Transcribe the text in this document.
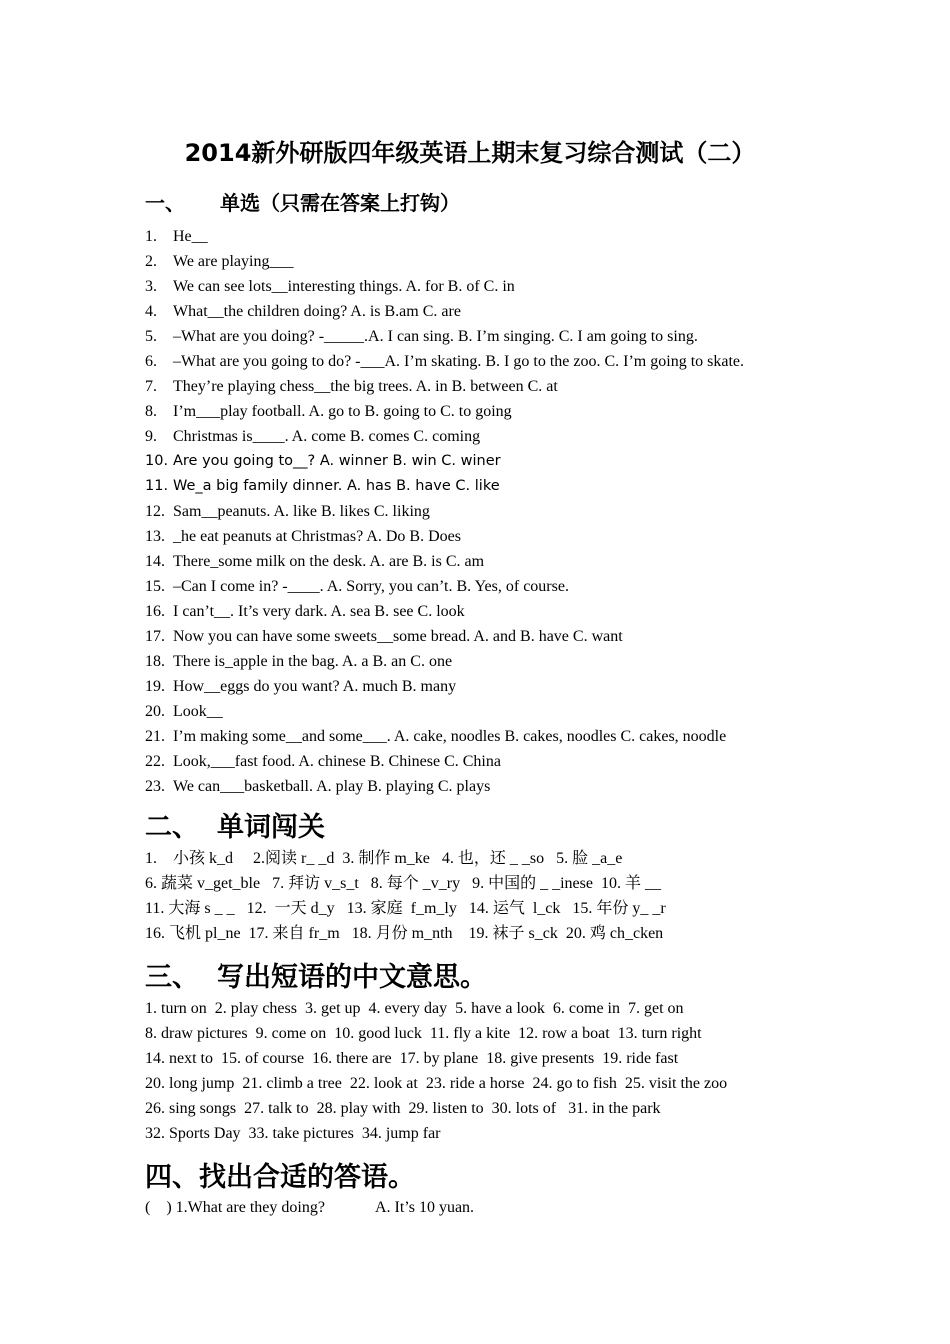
2014新外研版四年级英语上期末复习综合测试（二）
一、 单选（只需在答案上打钩）
1. He__
2. We are playing___
3. We can see lots__interesting things. A. for B. of C. in
4. What__the children doing? A. is B.am C. are
5. –What are you doing? -_____.A. I can sing. B. I’m singing. C. I am going to sing.
6. –What are you going to do? -___A. I’m skating. B. I go to the zoo. C. I’m going to skate.
7. They’re playing chess__the big trees. A. in B. between C. at
8. I’m___play football. A. go to B. going to C. to going
9. Christmas is____. A. come B. comes C. coming
10. Are you going to__? A. winner B. win C. winer
11. We_a big family dinner. A. has B. have C. like
12. Sam__peanuts. A. like B. likes C. liking
13. _he eat peanuts at Christmas? A. Do B. Does
14. There_some milk on the desk. A. are B. is C. am
15. –Can I come in? -____. A. Sorry, you can’t. B. Yes, of course.
16. I can’t__. It’s very dark. A. sea B. see C. look
17. Now you can have some sweets__some bread. A. and B. have C. want
18. There is_apple in the bag. A. a B. an C. one
19. How__eggs do you want? A. much B. many
20. Look__
21. I’m making some__and some___. A. cake, noodles B. cakes, noodles C. cakes, noodle
22. Look,___fast food. A. chinese B. Chinese C. China
23. We can___basketball. A. play B. playing C. plays
二、 单词闯关
1.    小孩 k_d     2.阅读 r_ _d  3. 制作 m_ke   4. 也，还 _ _so   5. 脸 _a_e
6. 蔬菜 v_get_ble   7. 拜访 v_s_t   8. 每个 _v_ry   9. 中国的 _ _inese  10. 羊 __
11. 大海 s _ _   12.  一天 d_y   13. 家庭  f_m_ly   14. 运气  l_ck   15. 年份 y_ _r
16. 飞机 pl_ne  17. 来自 fr_m   18. 月份 m_nth    19. 袜子 s_ck  20. 鸡 ch_cken
三、 写出短语的中文意思。
1. turn on  2. play chess  3. get up  4. every day  5. have a look  6. come in  7. get on
8. draw pictures  9. come on  10. good luck  11. fly a kite  12. row a boat  13. turn right
14. next to  15. of course  16. there are  17. by plane  18. give presents  19. ride fast
20. long jump  21. climb a tree  22. look at  23. ride a horse  24. go to fish  25. visit the zoo
26. sing songs  27. talk to  28. play with  29. listen to  30. lots of   31. in the park
32. Sports Day  33. take pictures  34. jump far
四、找出合适的答语。
(    ) 1.What are they doing?	A. It’s 10 yuan.
